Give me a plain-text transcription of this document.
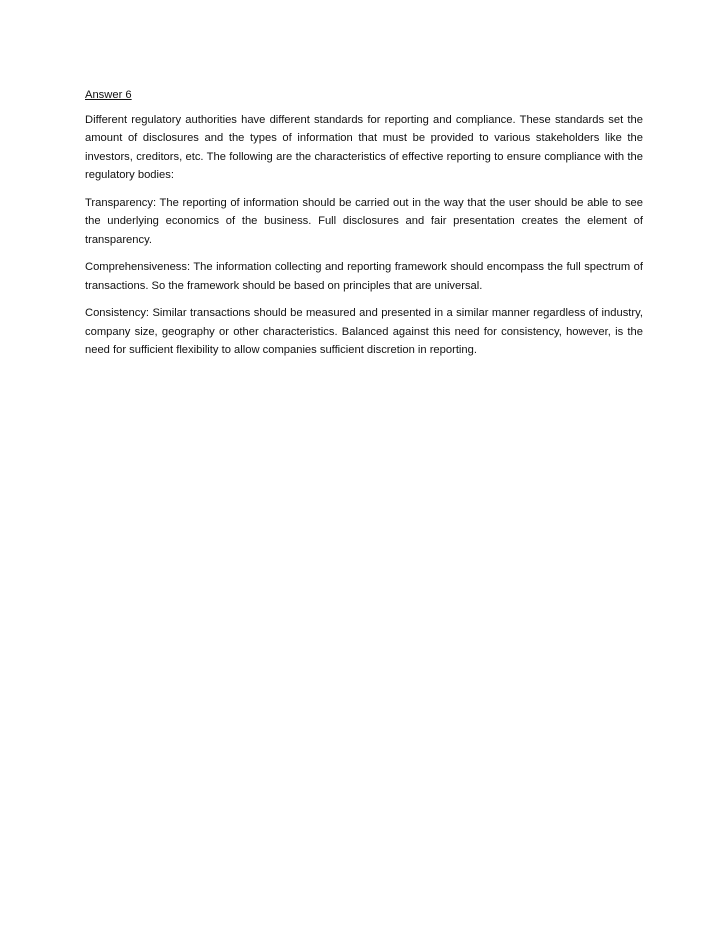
Answer 6

Different regulatory authorities have different standards for reporting and compliance. These standards set the amount of disclosures and the types of information that must be provided to various stakeholders like the investors, creditors, etc. The following are the characteristics of effective reporting to ensure compliance with the regulatory bodies:

Transparency: The reporting of information should be carried out in the way that the user should be able to see the underlying economics of the business. Full disclosures and fair presentation creates the element of transparency.

Comprehensiveness: The information collecting and reporting framework should encompass the full spectrum of transactions. So the framework should be based on principles that are universal.

Consistency: Similar transactions should be measured and presented in a similar manner regardless of industry, company size, geography or other characteristics. Balanced against this need for consistency, however, is the need for sufficient flexibility to allow companies sufficient discretion in reporting.
